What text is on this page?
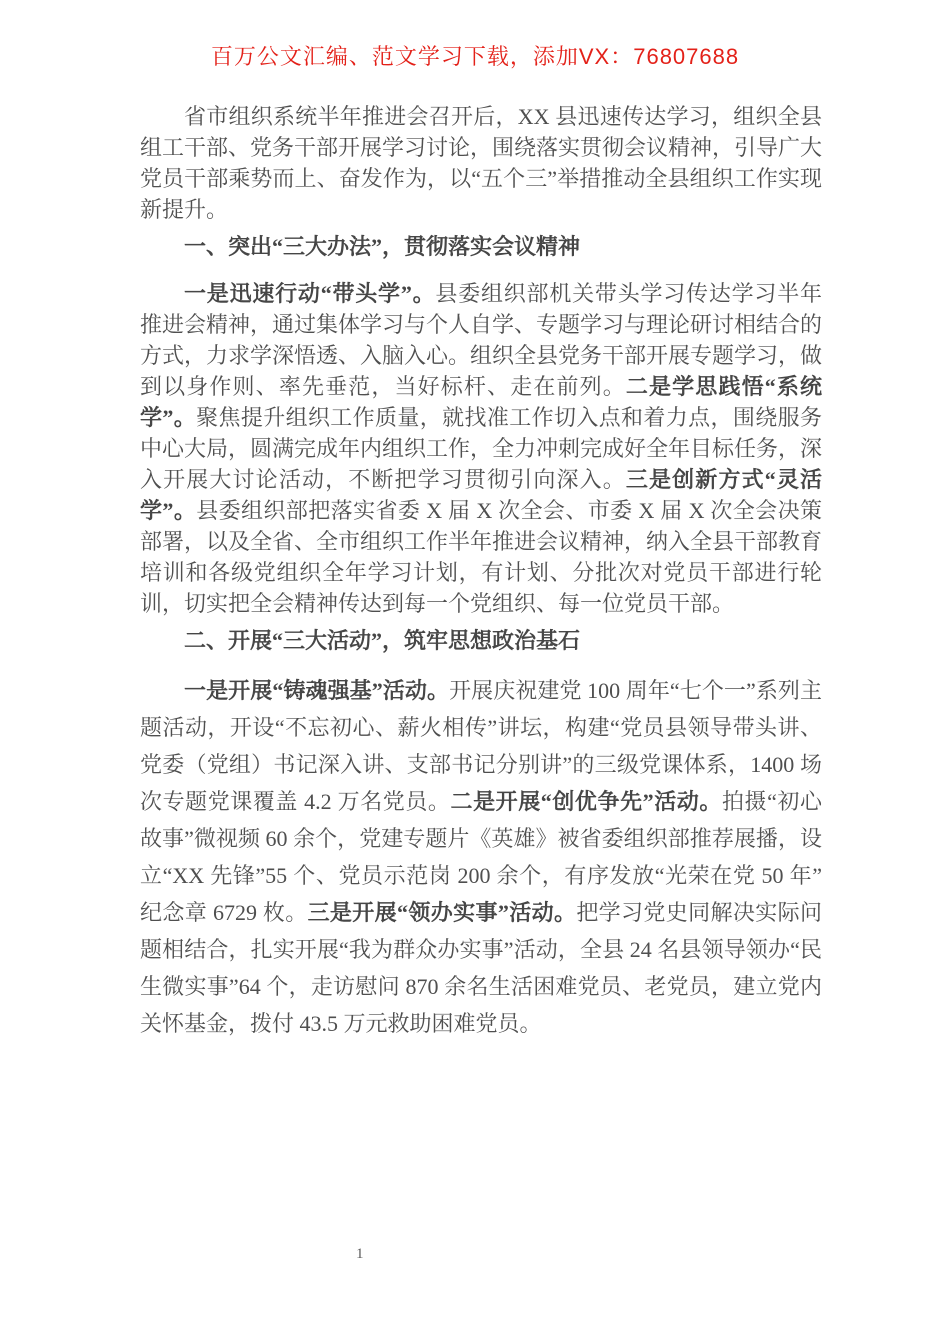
百万公文汇编、范文学习下载，添加VX：76807688

省市组织系统半年推进会召开后，XX 县迅速传达学习，组织全县组工干部、党务干部开展学习讨论，围绕落实贯彻会议精神，引导广大党员干部乘势而上、奋发作为，以“五个三”举措推动全县组织工作实现新提升。

一、突出“三大办法”，贯彻落实会议精神

一是迅速行动“带头学”。县委组织部机关带头学习传达学习半年推进会精神，通过集体学习与个人自学、专题学习与理论研讨相结合的方式，力求学深悟透、入脑入心。组织全县党务干部开展专题学习，做到以身作则、率先垂范，当好标杆、走在前列。二是学思践悟“系统学”。聚焦提升组织工作质量，就找准工作切入点和着力点，围绕服务中心大局，圆满完成年内组织工作，全力冲刺完成好全年目标任务，深入开展大讨论活动，不断把学习贯彻引向深入。三是创新方式“灵活学”。县委组织部把落实省委 X 届 X 次全会、市委 X 届 X 次全会决策部署，以及全省、全市组织工作半年推进会议精神，纳入全县干部教育培训和各级党组织全年学习计划，有计划、分批次对党员干部进行轮训，切实把全会精神传达到每一个党组织、每一位党员干部。

二、开展“三大活动”，筑牢思想政治基石

一是开展“铸魂强基”活动。开展庆祝建党 100 周年“七个一”系列主题活动，开设“不忘初心、薪火相传”讲坛，构建“党员县领导带头讲、党委（党组）书记深入讲、支部书记分别讲”的三级党课体系，1400 场次专题党课覆盖 4.2 万名党员。二是开展“创优争先”活动。拍摄“初心故事”微视频 60 余个，党建专题片《英雄》被省委组织部推荐展播，设立“XX 先锋”55 个、党员示范岗 200 余个，有序发放“光荣在党 50 年”纪念章 6729 枚。三是开展“领办实事”活动。把学习党史同解决实际问题相结合，扎实开展“我为群众办实事”活动，全县 24 名县领导领办“民生微实事”64 个，走访慰问 870 余名生活困难党员、老党员，建立党内关怀基金，拨付 43.5 万元救助困难党员。

1
